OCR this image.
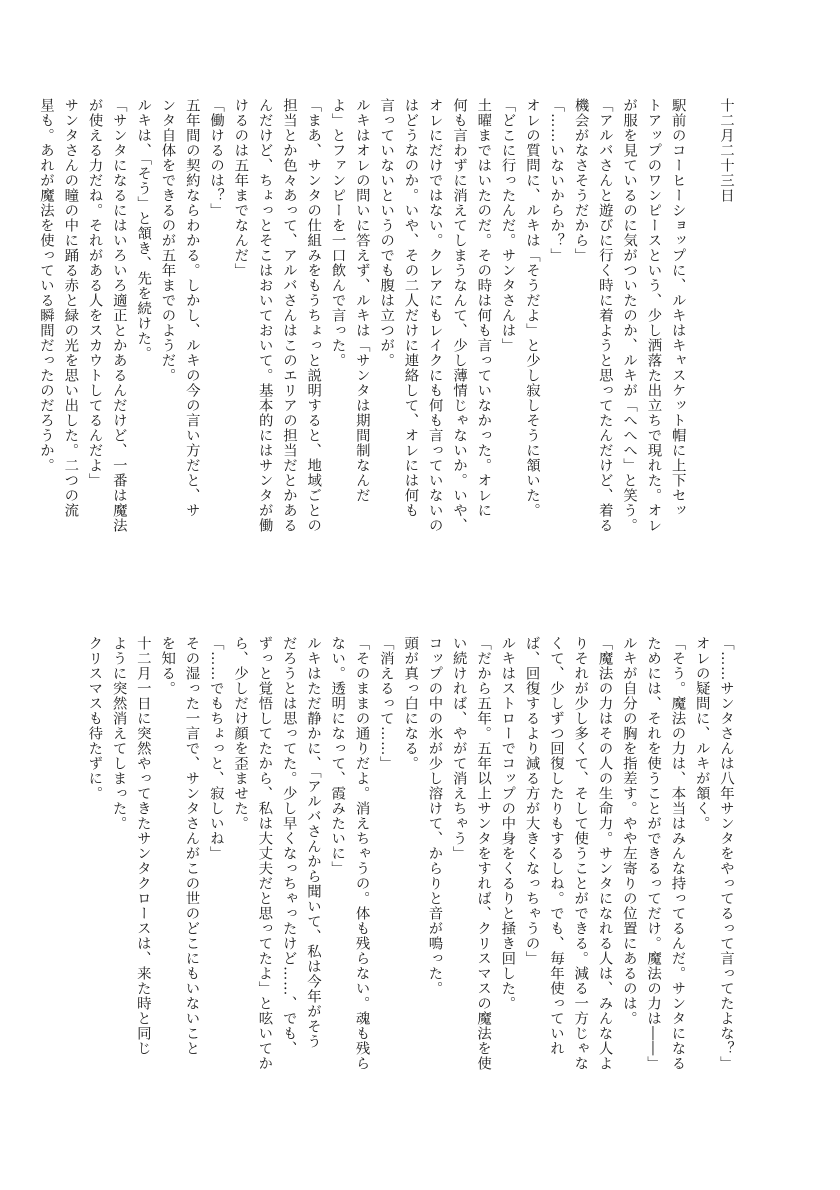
十二月二十三日
駅前のコーヒーショップに、ルキはキャスケット帽に上下セッ
トアップのワンピースという、少し洒落た出立ちで現れた。オレ
が服を見ているのに気がついたのか、ルキが「へへへ」と笑う。
「アルバさんと遊びに行く時に着ようと思ってたんだけど、着る
機会がなさそうだから」
「……いないからか？」
オレの質問に、ルキは「そうだよ」と少し寂しそうに頷いた。
「どこに行ったんだ。サンタさんは」
土曜まではいたのだ。その時は何も言っていなかった。オレに
何も言わずに消えてしまうなんて、少し薄情じゃないか。いや、
オレにだけではない。クレアにもレイクにも何も言っていないの
はどうなのか。いや、その二人だけに連絡して、オレには何も
言っていないというのでも腹は立つが。
ルキはオレの問いに答えず、ルキは「サンタは期間制なんだ
よ」とファンピーを一口飲んで言った。
「まあ、サンタの仕組みをもうちょっと説明すると、地域ごとの
担当とか色々あって、アルバさんはこのエリアの担当だとかある
んだけど、ちょっとそこはおいておいて。基本的にはサンタが働
けるのは五年までなんだ」
「働けるのは？」
五年間の契約ならわかる。しかし、ルキの今の言い方だと、サ
ンタ自体をできるのが五年までのようだ。
ルキは、「そう」と頷き、先を続けた。
「サンタになるにはいろいろ適正とかあるんだけど、一番は魔法
が使える力だね。それがある人をスカウトしてるんだよ」
サンタさんの瞳の中に踊る赤と緑の光を思い出した。二つの流
星も。あれが魔法を使っている瞬間だったのだろうか。
「……サンタさんは八年サンタをやってるって言ってたよな？」
オレの疑問に、ルキが頷く。
「そう。魔法の力は、本当はみんな持ってるんだ。サンタになる
ためには、それを使うことができるってだけ。魔法の力は――」
ルキが自分の胸を指差す。やや左寄りの位置にあるのは。
「魔法の力はその人の生命力。サンタになれる人は、みんな人よ
りそれが少し多くて、そして使うことができる。減る一方じゃな
くて、少しずつ回復したりもするしね。でも、毎年使っていれ
ば、回復するより減る方が大きくなっちゃうの」
ルキはストローでコップの中身をくるりと掻き回した。
「だから五年。五年以上サンタをすれば、クリスマスの魔法を使
い続ければ、やがて消えちゃう」
コップの中の氷が少し溶けて、からりと音が鳴った。
頭が真っ白になる。
「消えるって……」
「そのままの通りだよ。消えちゃうの。体も残らない。魂も残ら
ない。透明になって、霞みたいに」
ルキはただ静かに、「アルバさんから聞いて、私は今年がそう
だろうとは思ってた。少し早くなっちゃったけど……、でも、
ずっと覚悟してたから、私は大丈夫だと思ってたよ」と呟いてか
ら、少しだけ顔を歪ませた。
「……でもちょっと、寂しいね」
その湿った一言で、サンタさんがこの世のどこにもいないこと
を知る。
十二月一日に突然やってきたサンタクロースは、来た時と同じ
ように突然消えてしまった。
クリスマスも待たずに。
